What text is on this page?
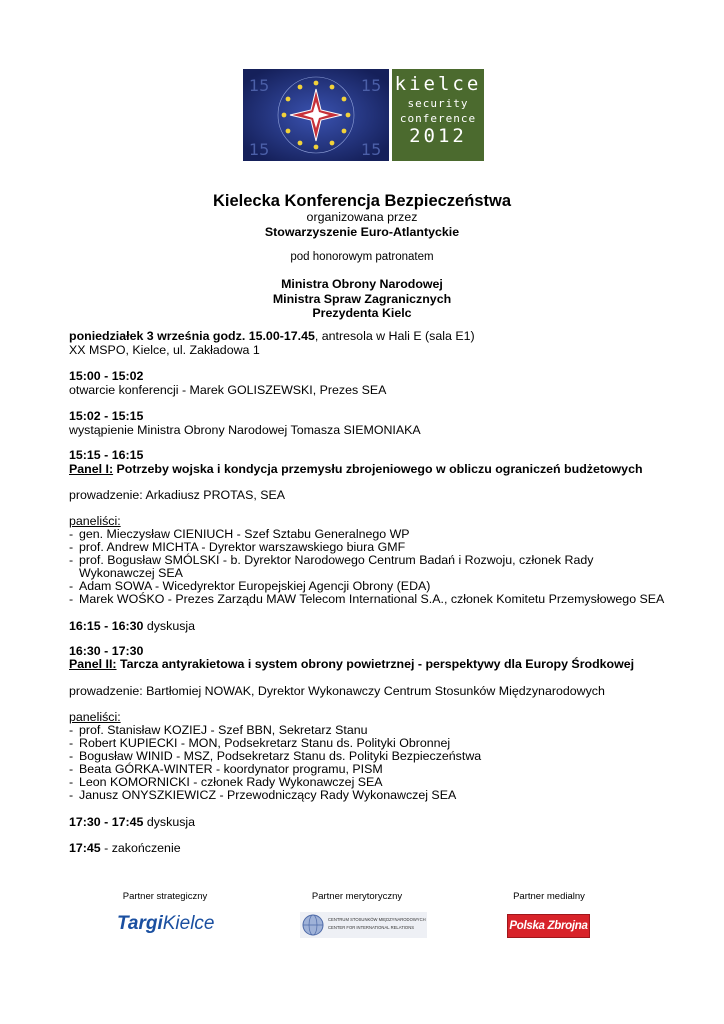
15	15
15	15
kielce
security
conference
2012
Kielecka Konferencja Bezpieczeństwa
organizowana przez
Stowarzyszenie Euro-Atlantyckie
pod honorowym patronatem
Ministra Obrony Narodowej
Ministra Spraw Zagranicznych
Prezydenta Kielc
poniedziałek 3 września godz. 15.00-17.45, antresola w Hali E (sala E1)
XX MSPO, Kielce, ul. Zakładowa 1
15:00 - 15:02
otwarcie konferencji - Marek GOLISZEWSKI, Prezes SEA
15:02 - 15:15
wystąpienie Ministra Obrony Narodowej Tomasza SIEMONIAKA
15:15 - 16:15
Panel I: Potrzeby wojska i kondycja przemysłu zbrojeniowego w obliczu ograniczeń budżetowych
prowadzenie: Arkadiusz PROTAS, SEA
paneliści:
- gen. Mieczysław CIENIUCH - Szef Sztabu Generalnego WP
- prof. Andrew MICHTA - Dyrektor warszawskiego biura GMF
- prof. Bogusław SMÓLSKI - b. Dyrektor Narodowego Centrum Badań i Rozwoju, członek Rady
Wykonawczej SEA
- Adam SOWA - Wicedyrektor Europejskiej Agencji Obrony (EDA)
- Marek WOŚKO - Prezes Zarządu MAW Telecom International S.A., członek Komitetu Przemysłowego SEA
16:15 - 16:30 dyskusja
16:30 - 17:30
Panel II: Tarcza antyrakietowa i system obrony powietrznej - perspektywy dla Europy Środkowej
prowadzenie: Bartłomiej NOWAK, Dyrektor Wykonawczy Centrum Stosunków Międzynarodowych
paneliści:
- prof. Stanisław KOZIEJ - Szef BBN, Sekretarz Stanu
- Robert KUPIECKI - MON, Podsekretarz Stanu ds. Polityki Obronnej
- Bogusław WINID - MSZ, Podsekretarz Stanu ds. Polityki Bezpieczeństwa
- Beata GÓRKA-WINTER - koordynator programu, PISM
- Leon KOMORNICKI - członek Rady Wykonawczej SEA
- Janusz ONYSZKIEWICZ - Przewodniczący Rady Wykonawczej SEA
17:30 - 17:45 dyskusja
17:45 - zakończenie
Partner strategiczny	Partner merytoryczny	Partner medialny
TargiKielce	CENTRUM STOSUNKÓW MIĘDZYNARODOWYCH
CENTER FOR INTERNATIONAL RELATIONS	Polska Zbrojna
